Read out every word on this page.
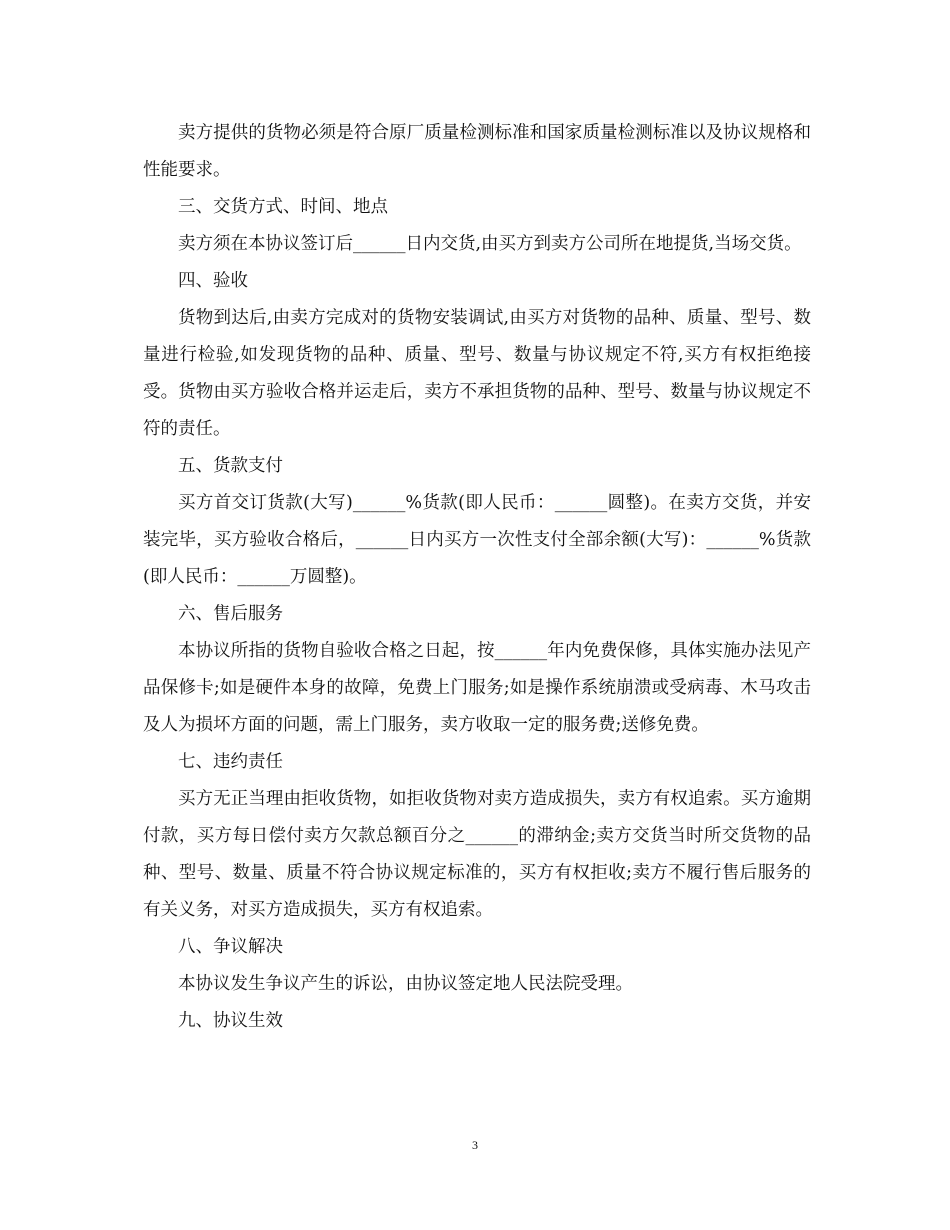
卖方提供的货物必须是符合原厂质量检测标准和国家质量检测标准以及协议规格和性能要求。

三、交货方式、时间、地点

卖方须在本协议签订后______日内交货,由买方到卖方公司所在地提货,当场交货。

四、验收

货物到达后,由卖方完成对的货物安装调试,由买方对货物的品种、质量、型号、数量进行检验,如发现货物的品种、质量、型号、数量与协议规定不符,买方有权拒绝接受。货物由买方验收合格并运走后，卖方不承担货物的品种、型号、数量与协议规定不符的责任。

五、货款支付

买方首交订货款(大写)______%货款(即人民币：______圆整)。在卖方交货，并安装完毕，买方验收合格后，______日内买方一次性支付全部余额(大写)：______%货款(即人民币：______万圆整)。

六、售后服务

本协议所指的货物自验收合格之日起，按______年内免费保修，具体实施办法见产品保修卡;如是硬件本身的故障，免费上门服务;如是操作系统崩溃或受病毒、木马攻击及人为损坏方面的问题，需上门服务，卖方收取一定的服务费;送修免费。

七、违约责任

买方无正当理由拒收货物，如拒收货物对卖方造成损失，卖方有权追索。买方逾期付款，买方每日偿付卖方欠款总额百分之______的滞纳金;卖方交货当时所交货物的品种、型号、数量、质量不符合协议规定标准的，买方有权拒收;卖方不履行售后服务的有关义务，对买方造成损失，买方有权追索。

八、争议解决

本协议发生争议产生的诉讼，由协议签定地人民法院受理。

九、协议生效

3
